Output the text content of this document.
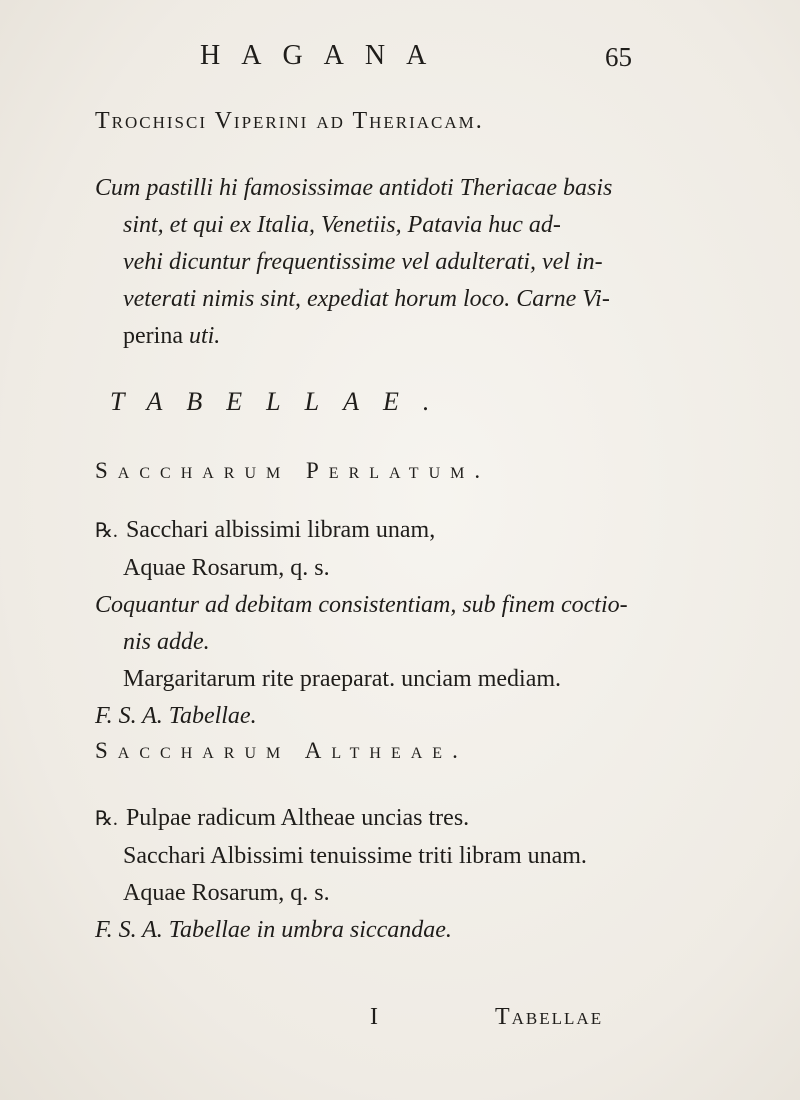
HAGANA	65
Trochisci Viperini ad Theriacam.

Cum pastilli hi famosissimae antidoti Theriacae basis

sint, et qui ex Italia, Venetiis, Patavia huc ad-

vehi dicuntur frequentissime vel adulterati, vel in-

veterati nimis sint, expediat horum loco. Carne Vi-

perina uti.

TABELLAE.
Saccharum Perlatum.

℞. Sacchari albissimi libram unam,

Aquae Rosarum, q. s.

Coquantur ad debitam consistentiam, sub finem coctio-

nis adde.

Margaritarum rite praeparat. unciam mediam.

F. S. A. Tabellae.

Saccharum Altheae.

℞. Pulpae radicum Altheae uncias tres.

Sacchari Albissimi tenuissime triti libram unam.

Aquae Rosarum, q. s.

F. S. A. Tabellae in umbra siccandae.

I	Tabellae
